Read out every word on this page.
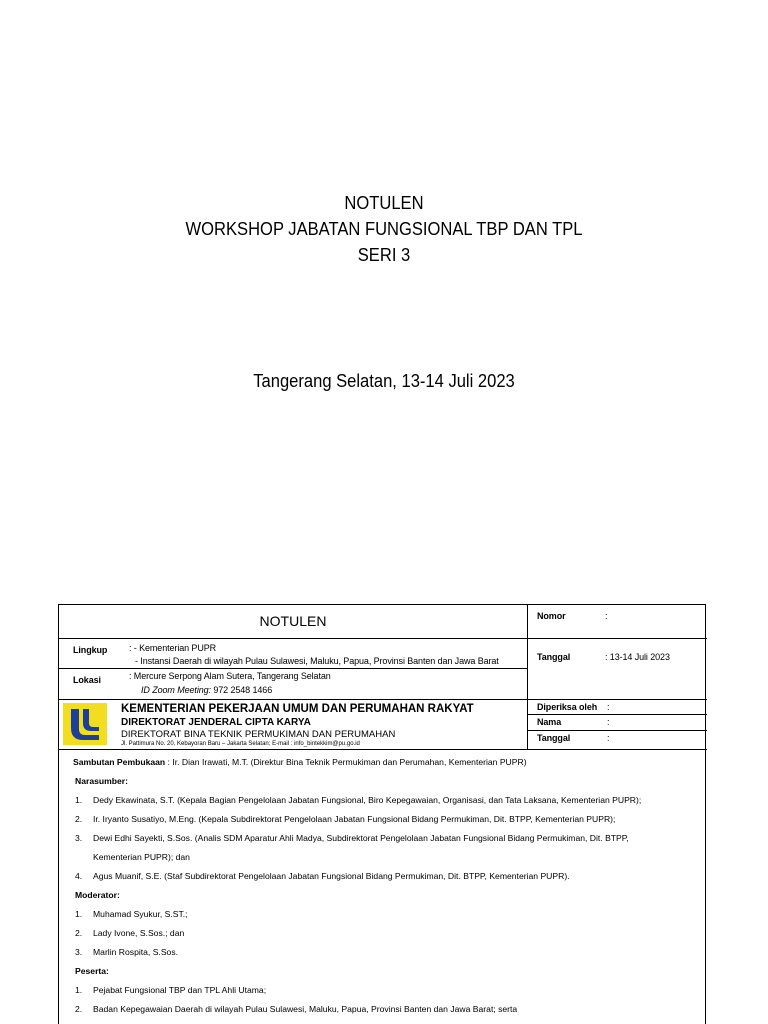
NOTULEN
WORKSHOP JABATAN FUNGSIONAL TBP DAN TPL
SERI 3
Tangerang Selatan, 13-14 Juli 2023
NOTULEN	Nomor	:
Tanggal	: 13-14 Juli 2023
Lingkup : - Kementerian PUPR
- Instansi Daerah di wilayah Pulau Sulawesi, Maluku, Papua, Provinsi Banten dan Jawa Barat
Lokasi	: Mercure Serpong Alam Sutera, Tangerang Selatan
ID Zoom Meeting: 972 2548 1466
KEMENTERIAN PEKERJAAN UMUM DAN PERUMAHAN RAKYAT
DIREKTORAT JENDERAL CIPTA KARYA
DIREKTORAT BINA TEKNIK PERMUKIMAN DAN PERUMAHAN
Jl. Pattimura No. 20, Kebayoran Baru – Jakarta Selatan; E-mail : info_bintekkim@pu.go.id
Diperiksa oleh :
Nama	:
Tanggal	:
Sambutan Pembukaan : Ir. Dian Irawati, M.T. (Direktur Bina Teknik Permukiman dan Perumahan, Kementerian PUPR)
Narasumber:
1. Dedy Ekawinata, S.T. (Kepala Bagian Pengelolaan Jabatan Fungsional, Biro Kepegawaian, Organisasi, dan Tata Laksana, Kementerian PUPR);
2. Ir. Iryanto Susatiyo, M.Eng. (Kepala Subdirektorat Pengelolaan Jabatan Fungsional Bidang Permukiman, Dit. BTPP, Kementerian PUPR);
3. Dewi Edhi Sayekti, S.Sos. (Analis SDM Aparatur Ahli Madya, Subdirektorat Pengelolaan Jabatan Fungsional Bidang Permukiman, Dit. BTPP,
Kementerian PUPR); dan
4. Agus Muanif, S.E. (Staf Subdirektorat Pengelolaan Jabatan Fungsional Bidang Permukiman, Dit. BTPP, Kementerian PUPR).
Moderator:
1. Muhamad Syukur, S.ST.;
2. Lady Ivone, S.Sos.; dan
3. Marlin Rospita, S.Sos.
Peserta:
1. Pejabat Fungsional TBP dan TPL Ahli Utama;
2. Badan Kepegawaian Daerah di wilayah Pulau Sulawesi, Maluku, Papua, Provinsi Banten dan Jawa Barat; serta
